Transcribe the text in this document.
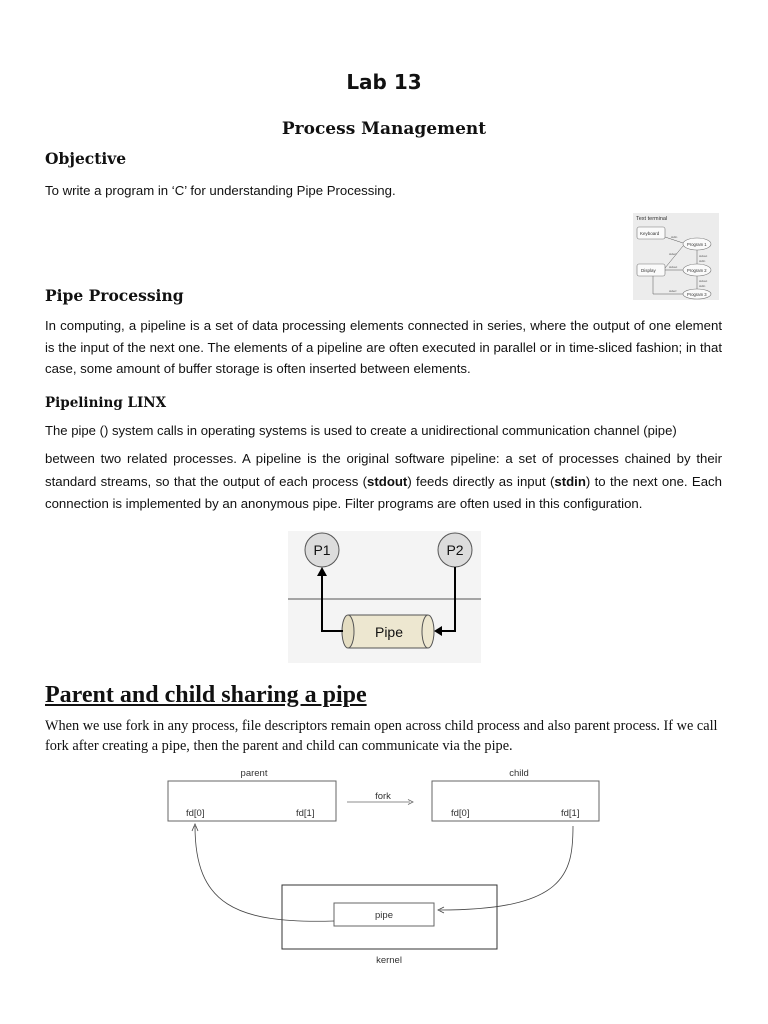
Lab 13
Process Management
Objective
To write a program in ‘C’ for understanding Pipe Processing.
Text terminal
Keyboard
Display
Program 1
Program 2
Program 3
stdin
stdout
stdin
stdout
stdin
stdout
stderr
stderr
Pipe Processing
In computing, a pipeline is a set of data processing elements connected in series, where the output of one element is the input of the next one. The elements of a pipeline are often executed in parallel or in time-sliced fashion; in that case, some amount of buffer storage is often inserted between elements.
Pipelining LINX
The pipe () system calls in operating systems is used to create a unidirectional communication channel (pipe)
between two related processes. A pipeline is the original software pipeline: a set of processes chained by their standard streams, so that the output of each process (stdout) feeds directly as input (stdin) to the next one. Each connection is implemented by an anonymous pipe. Filter programs are often used in this configuration.
P1	P2
Pipe
Parent and child sharing a pipe
When we use fork in any process, file descriptors remain open across child process and also parent process. If we call fork after creating a pipe, then the parent and child can communicate via the pipe.
parent
fd[0]	fd[1]
child
fd[0]	fd[1]
fork
pipe
kernel
